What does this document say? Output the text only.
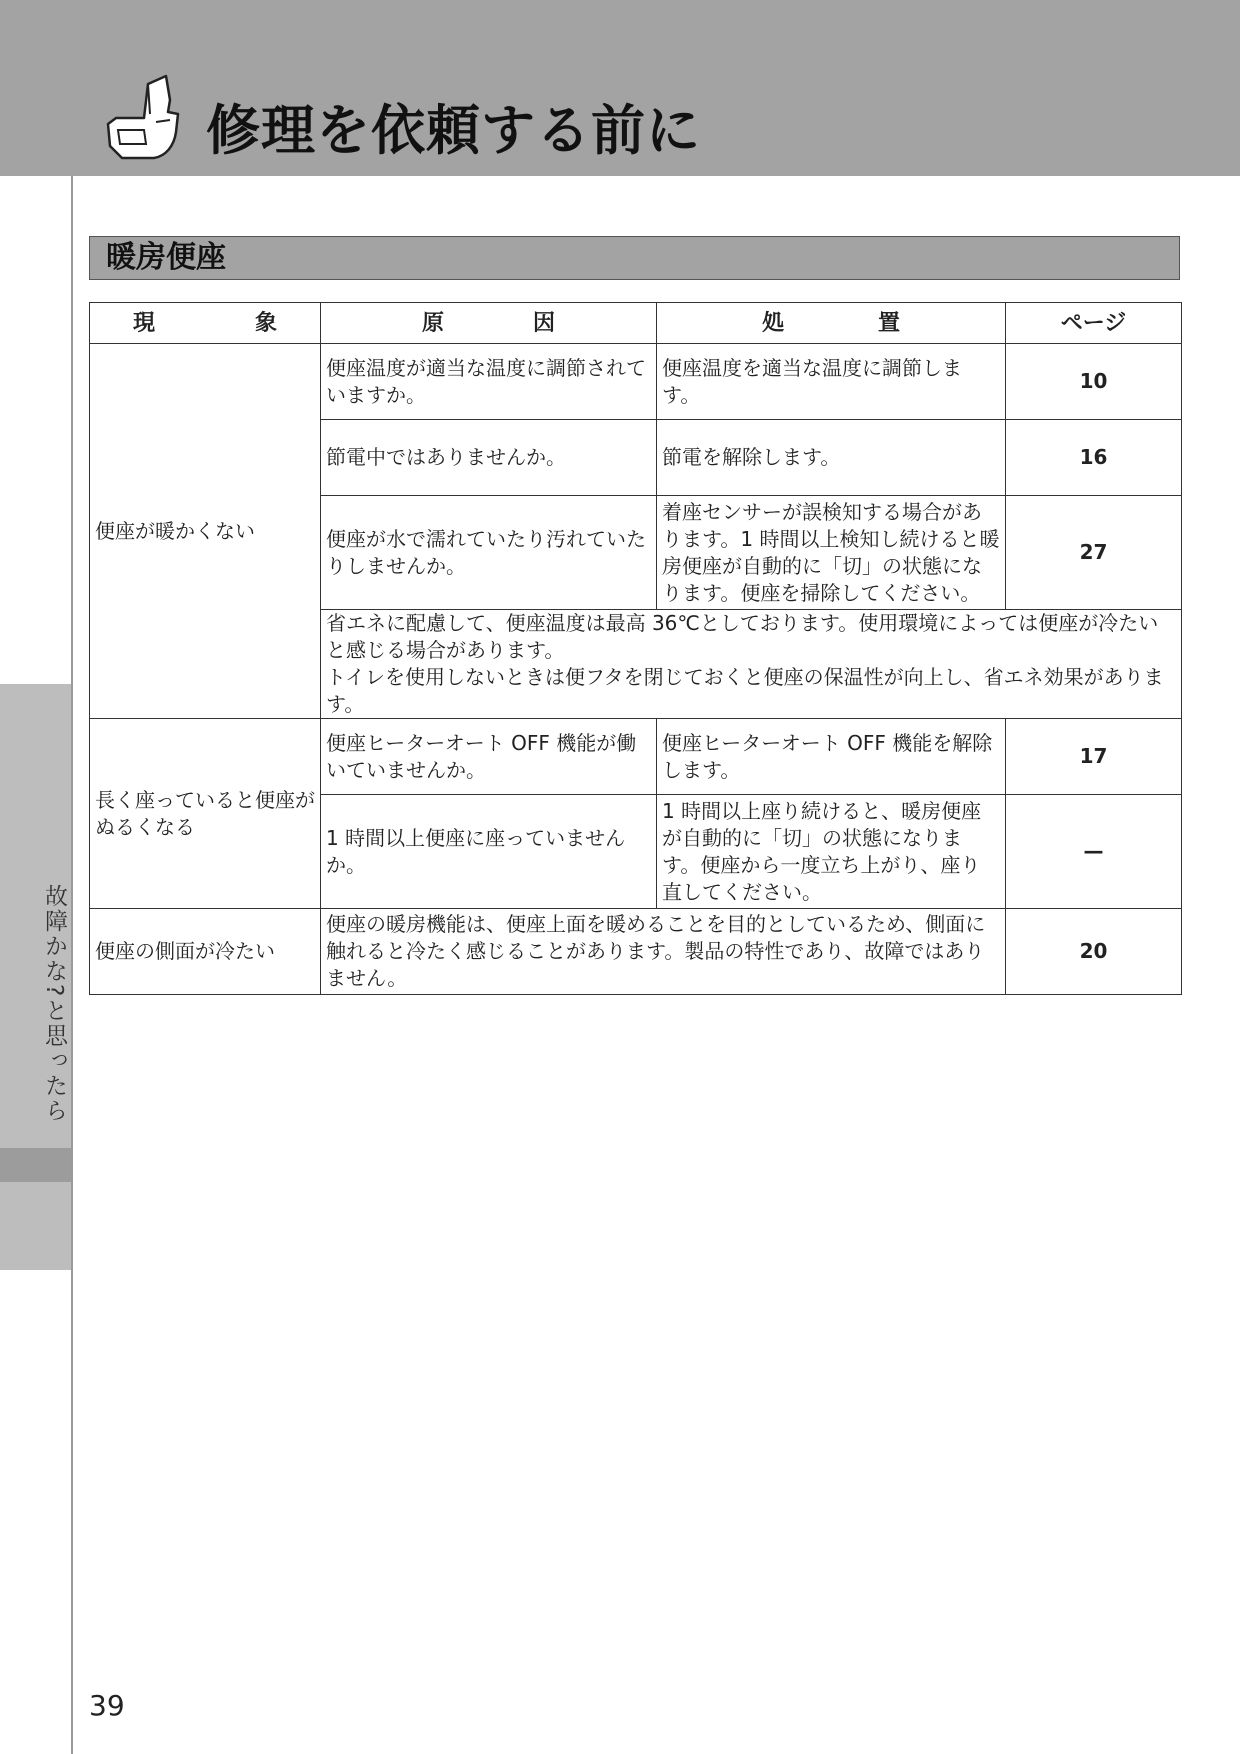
修理を依頼する前に
故障かな?と思ったら
暖房便座
現 象	原 因	処 置	ページ
便座が暖かくない	便座温度が適当な温度に調節されていますか。	便座温度を適当な温度に調節します。	10
	節電中ではありませんか。	節電を解除します。	16
	便座が水で濡れていたり汚れていたりしませんか。	着座センサーが誤検知する場合があります。1 時間以上検知し続けると暖房便座が自動的に「切」の状態になります。便座を掃除してください。	27

	省エネに配慮して、便座温度は最高 36℃としております。使用環境によっては便座が冷たいと感じる場合があります。
トイレを使用しないときは便フタを閉じておくと便座の保温性が向上し、省エネ効果があります。		

長く座っていると便座がぬるくなる	便座ヒーターオート OFF 機能が働いていませんか。	便座ヒーターオート OFF 機能を解除します。	17
	1 時間以上便座に座っていませんか。	1 時間以上座り続けると、暖房便座が自動的に「切」の状態になります。便座から一度立ち上がり、座り直してください。	—
便座の側面が冷たい	便座の暖房機能は、便座上面を暖めることを目的としているため、側面に触れると冷たく感じることがあります。製品の特性であり、故障ではありません。		20
39
